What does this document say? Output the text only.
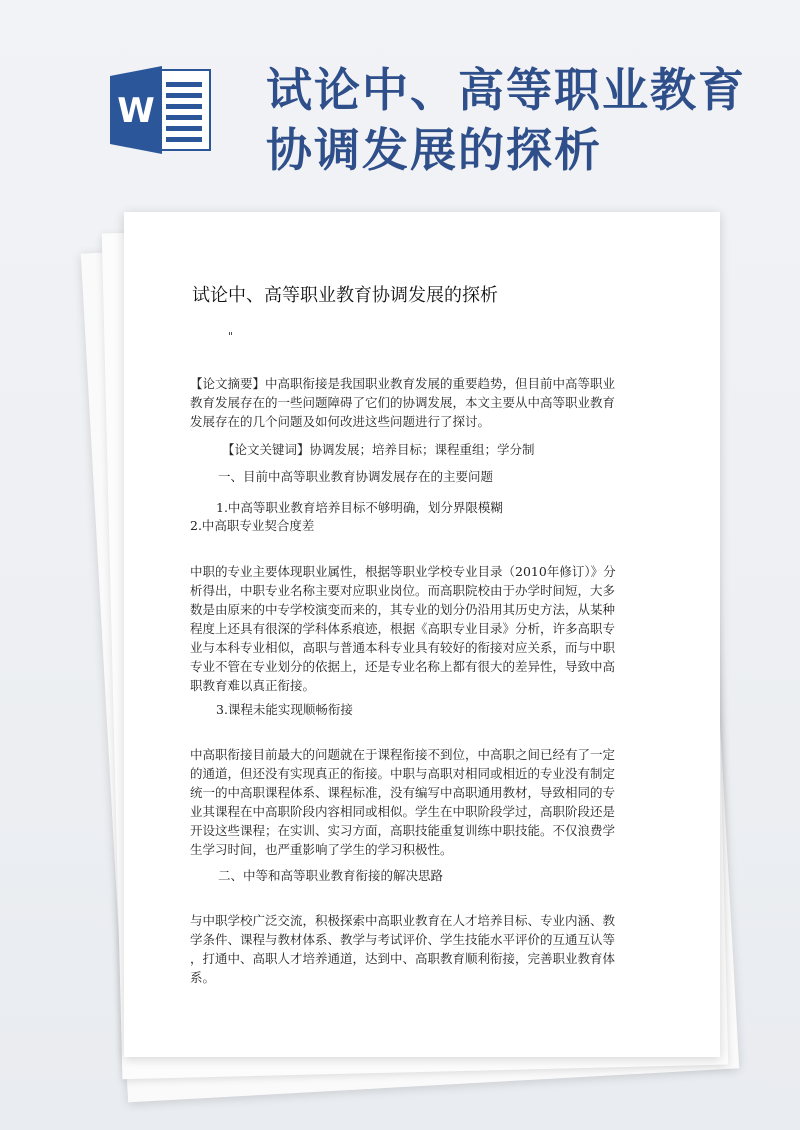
W 试论中、高等职业教育
协调发展的探析
试论中、高等职业教育协调发展的探析
"
【论文摘要】中高职衔接是我国职业教育发展的重要趋势，但目前中高等职业
教育发展存在的一些问题障碍了它们的协调发展，本文主要从中高等职业教育
发展存在的几个问题及如何改进这些问题进行了探讨。
【论文关键词】协调发展；培养目标；课程重组；学分制
一、目前中高等职业教育协调发展存在的主要问题
1.中高等职业教育培养目标不够明确，划分界限模糊
2.中高职专业契合度差
中职的专业主要体现职业属性，根据等职业学校专业目录（2010年修订）》分
析得出，中职专业名称主要对应职业岗位。而高职院校由于办学时间短，大多
数是由原来的中专学校演变而来的，其专业的划分仍沿用其历史方法，从某种
程度上还具有很深的学科体系痕迹，根据《高职专业目录》分析，许多高职专
业与本科专业相似，高职与普通本科专业具有较好的衔接对应关系，而与中职
专业不管在专业划分的依据上，还是专业名称上都有很大的差异性，导致中高
职教育难以真正衔接。
3.课程未能实现顺畅衔接
中高职衔接目前最大的问题就在于课程衔接不到位，中高职之间已经有了一定
的通道，但还没有实现真正的衔接。中职与高职对相同或相近的专业没有制定
统一的中高职课程体系、课程标准，没有编写中高职通用教材，导致相同的专
业其课程在中高职阶段内容相同或相似。学生在中职阶段学过，高职阶段还是
开设这些课程；在实训、实习方面，高职技能重复训练中职技能。不仅浪费学
生学习时间，也严重影响了学生的学习积极性。
二、中等和高等职业教育衔接的解决思路
与中职学校广泛交流，积极探索中高职业教育在人才培养目标、专业内涵、教
学条件、课程与教材体系、教学与考试评价、学生技能水平评价的互通互认等
，打通中、高职人才培养通道，达到中、高职教育顺利衔接，完善职业教育体
系。
